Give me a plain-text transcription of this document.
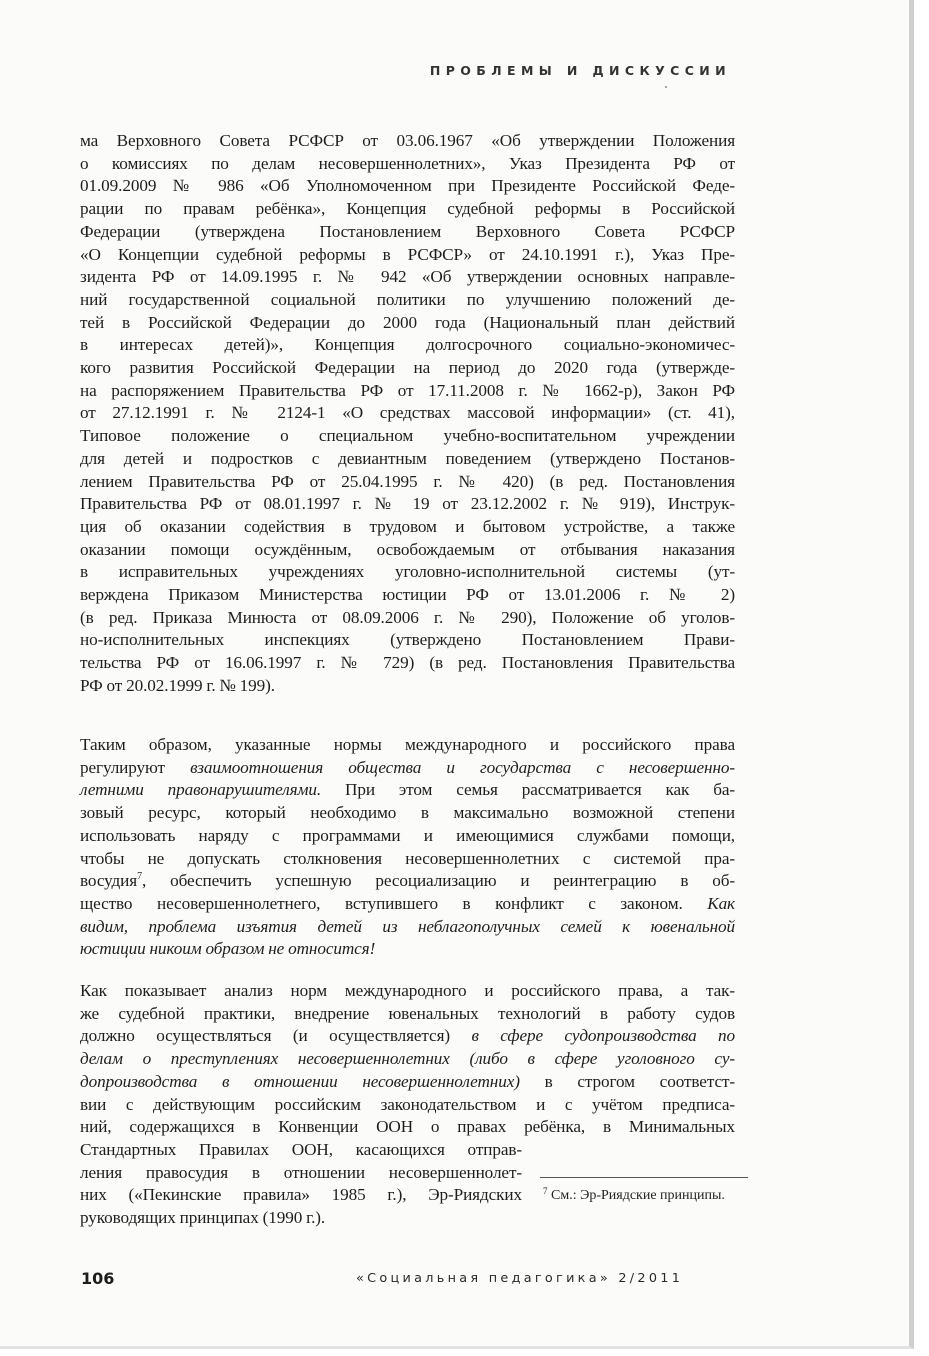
ПРОБЛЕМЫ И ДИСКУССИИ
ма Верховного Совета РСФСР от 03.06.1967 «Об утверждении Положения
о комиссиях по делам несовершеннолетних», Указ Президента РФ от
01.09.2009 № 986 «Об Уполномоченном при Президенте Российской Феде-
рации по правам ребёнка», Концепция судебной реформы в Российской
Федерации (утверждена Постановлением Верховного Совета РСФСР
«О Концепции судебной реформы в РСФСР» от 24.10.1991 г.), Указ Пре-
зидента РФ от 14.09.1995 г. № 942 «Об утверждении основных направле-
ний государственной социальной политики по улучшению положений де-
тей в Российской Федерации до 2000 года (Национальный план действий
в интересах детей)», Концепция долгосрочного социально-экономичес-
кого развития Российской Федерации на период до 2020 года (утвержде-
на распоряжением Правительства РФ от 17.11.2008 г. № 1662-р), Закон РФ
от 27.12.1991 г. № 2124-1 «О средствах массовой информации» (ст. 41),
Типовое положение о специальном учебно-воспитательном учреждении
для детей и подростков с девиантным поведением (утверждено Постанов-
лением Правительства РФ от 25.04.1995 г. № 420) (в ред. Постановления
Правительства РФ от 08.01.1997 г. № 19 от 23.12.2002 г. № 919), Инструк-
ция об оказании содействия в трудовом и бытовом устройстве, а также
оказании помощи осуждённым, освобождаемым от отбывания наказания
в исправительных учреждениях уголовно-исполнительной системы (ут-
верждена Приказом Министерства юстиции РФ от 13.01.2006 г. № 2)
(в ред. Приказа Минюста от 08.09.2006 г. № 290), Положение об уголов-
но-исполнительных инспекциях (утверждено Постановлением Прави-
тельства РФ от 16.06.1997 г. № 729) (в ред. Постановления Правительства
РФ от 20.02.1999 г. № 199).
Таким образом, указанные нормы международного и российского права
регулируют взаимоотношения общества и государства с несовершенно-
летними правонарушителями. При этом семья рассматривается как ба-
зовый ресурс, который необходимо в максимально возможной степени
использовать наряду с программами и имеющимися службами помощи,
чтобы не допускать столкновения несовершеннолетних с системой пра-
восудия$^7$, обеспечить успешную ресоциализацию и реинтеграцию в об-
щество несовершеннолетнего, вступившего в конфликт с законом. Как
видим, проблема изъятия детей из неблагополучных семей к ювенальной
юстиции никоим образом не относится!
Как показывает анализ норм международного и российского права, а так-
же судебной практики, внедрение ювенальных технологий в работу судов
должно осуществляться (и осуществляется) в сфере судопроизводства по
делам о преступлениях несовершеннолетних (либо в сфере уголовного су-
допроизводства в отношении несовершеннолетних) в строгом соответст-
вии с действующим российским законодательством и с учётом предписа-
ний, содержащихся в Конвенции ООН о правах ребёнка, в Минимальных
Стандартных Правилах ООН, касающихся отправ-
ления правосудия в отношении несовершеннолет-
них («Пекинские правила» 1985 г.), Эр-Риядских
руководящих принципах (1990 г.).
$^7$ См.: Эр-Риядские принципы.
106	«Социальная педагогика» 2/2011
